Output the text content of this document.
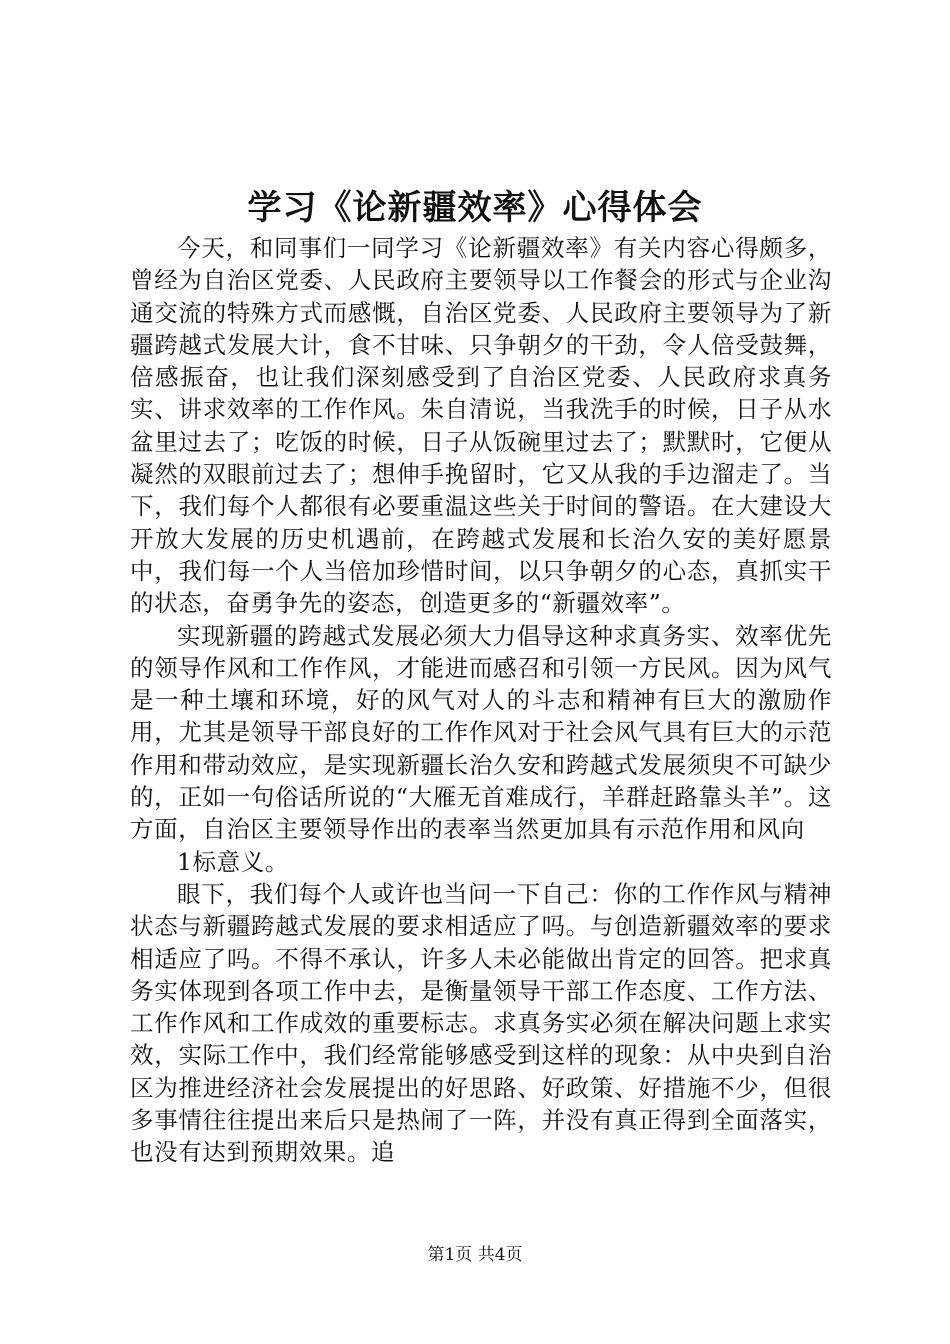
学习《论新疆效率》心得体会

今天，和同事们一同学习《论新疆效率》有关内容心得颇多，曾经为自治区党委、人民政府主要领导以工作餐会的形式与企业沟通交流的特殊方式而感慨，自治区党委、人民政府主要领导为了新疆跨越式发展大计，食不甘味、只争朝夕的干劲，令人倍受鼓舞，倍感振奋，也让我们深刻感受到了自治区党委、人民政府求真务实、讲求效率的工作作风。朱自清说，当我洗手的时候，日子从水盆里过去了；吃饭的时候，日子从饭碗里过去了；默默时，它便从凝然的双眼前过去了；想伸手挽留时，它又从我的手边溜走了。当下，我们每个人都很有必要重温这些关于时间的警语。在大建设大开放大发展的历史机遇前，在跨越式发展和长治久安的美好愿景中，我们每一个人当倍加珍惜时间，以只争朝夕的心态，真抓实干的状态，奋勇争先的姿态，创造更多的“新疆效率”。

实现新疆的跨越式发展必须大力倡导这种求真务实、效率优先的领导作风和工作作风，才能进而感召和引领一方民风。因为风气是一种土壤和环境，好的风气对人的斗志和精神有巨大的激励作用，尤其是领导干部良好的工作作风对于社会风气具有巨大的示范作用和带动效应，是实现新疆长治久安和跨越式发展须臾不可缺少的，正如一句俗话所说的“大雁无首难成行，羊群赶路靠头羊”。这方面，自治区主要领导作出的表率当然更加具有示范作用和风向

1标意义。

眼下，我们每个人或许也当问一下自己：你的工作作风与精神状态与新疆跨越式发展的要求相适应了吗。与创造新疆效率的要求相适应了吗。不得不承认，许多人未必能做出肯定的回答。把求真务实体现到各项工作中去，是衡量领导干部工作态度、工作方法、工作作风和工作成效的重要标志。求真务实必须在解决问题上求实效，实际工作中，我们经常能够感受到这样的现象：从中央到自治区为推进经济社会发展提出的好思路、好政策、好措施不少，但很多事情往往提出来后只是热闹了一阵，并没有真正得到全面落实，也没有达到预期效果。追

第1页 共4页
